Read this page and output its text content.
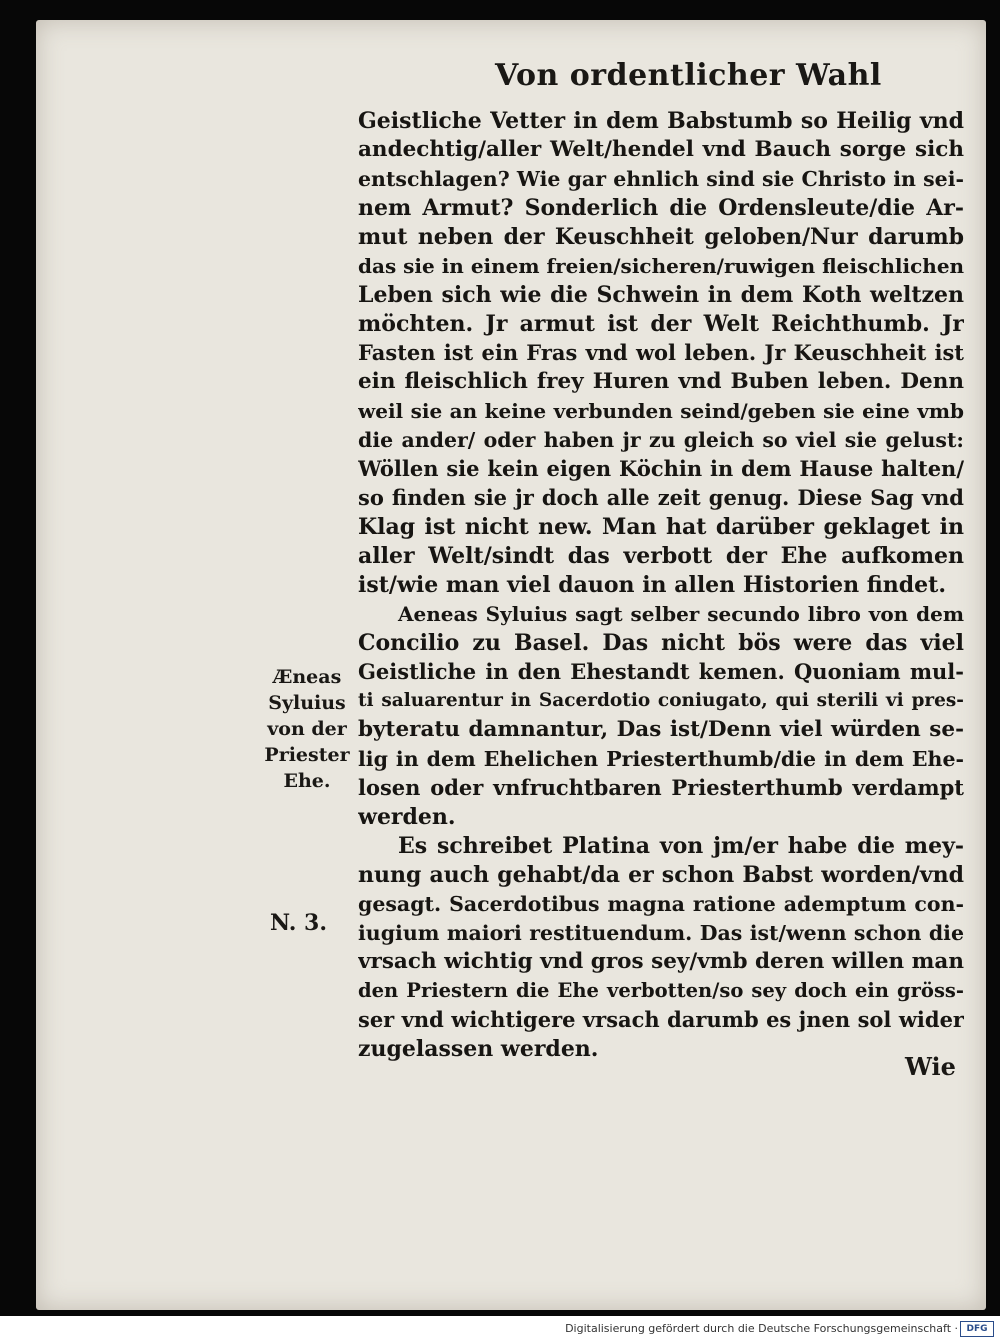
Von ordentlicher Wahl
Geistliche Vetter in dem Babstumb so Heilig vnd
andechtig/aller Welt/hendel vnd Bauch sorge sich
entschlagen? Wie gar ehnlich sind sie Christo in sei-
nem Armut? Sonderlich die Ordensleute/die Ar-
mut neben der Keuschheit geloben/Nur darumb
das sie in einem freien/sicheren/ruwigen fleischlichen
Leben sich wie die Schwein in dem Koth weltzen
möchten. Jr armut ist der Welt Reichthumb. Jr
Fasten ist ein Fras vnd wol leben. Jr Keuschheit ist
ein fleischlich frey Huren vnd Buben leben. Denn
weil sie an keine verbunden seind/geben sie eine vmb
die ander/ oder haben jr zu gleich so viel sie gelust:
Wöllen sie kein eigen Köchin in dem Hause halten/
so finden sie jr doch alle zeit genug. Diese Sag vnd
Klag ist nicht new. Man hat darüber geklaget in
aller Welt/sindt das verbott der Ehe aufkomen
ist/wie man viel dauon in allen Historien findet.
Aeneas Syluius sagt selber secundo libro von dem
Concilio zu Basel. Das nicht bös were das viel
Geistliche in den Ehestandt kemen. Quoniam mul-
ti saluarentur in Sacerdotio coniugato, qui sterili vi pres-
byteratu damnantur, Das ist/Denn viel würden se-
lig in dem Ehelichen Priesterthumb/die in dem Ehe-
losen oder vnfruchtbaren Priesterthumb verdampt
werden.
Es schreibet Platina von jm/er habe die mey-
nung auch gehabt/da er schon Babst worden/vnd
gesagt. Sacerdotibus magna ratione ademptum con-
iugium maiori restituendum. Das ist/wenn schon die
vrsach wichtig vnd gros sey/vmb deren willen man
den Priestern die Ehe verbotten/so sey doch ein gröss-
ser vnd wichtigere vrsach darumb es jnen sol wider
zugelassen werden.
Æneas
Syluius
von der
Priester
Ehe.
N. 3.
Wie
Digitalisierung gefördert durch die Deutsche Forschungsgemeinschaft · DFG
